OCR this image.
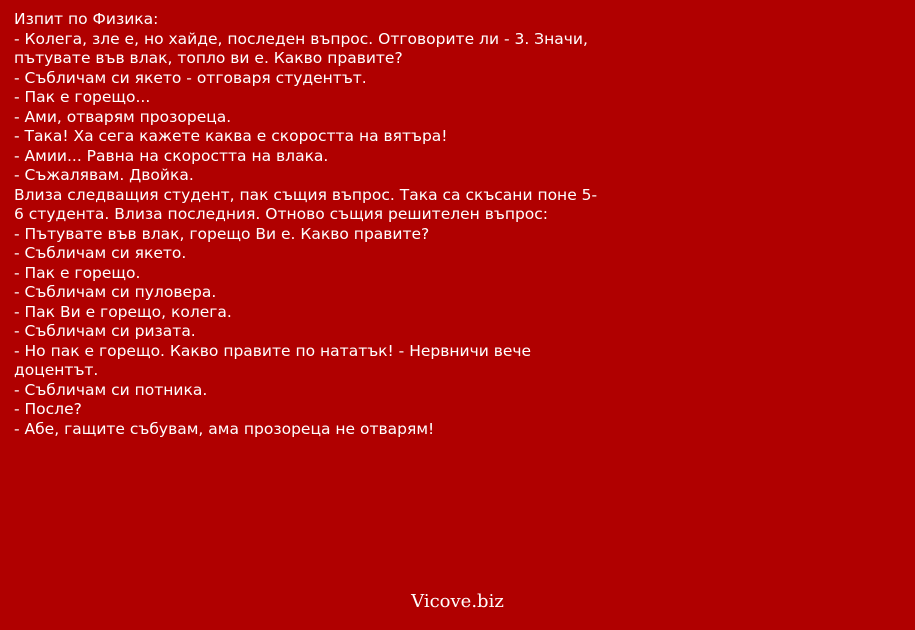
Изпит по Физика:
- Колега, зле е, но хайде, последен въпрос. Отговорите ли - 3. Значи, пътувате във влак, топло ви е. Какво правите?
- Събличам си якето - отговаря студентът.
- Пак е горещо...
- Ами, отварям прозореца.
- Така! Ха сега кажете каква е скоростта на вятъра!
- Амии... Равна на скоростта на влака.
- Съжалявам. Двойка.
Влиза следващия студент, пак същия въпрос. Така са скъсани поне 5-6 студента. Влиза последния. Отново същия решителен въпрос:
- Пътувате във влак, горещо Ви е. Какво правите?
- Събличам си якето.
- Пак е горещо.
- Събличам си пуловера.
- Пак Ви е горещо, колега.
- Събличам си ризата.
- Но пак е горещо. Какво правите по нататък! - Нервничи вече доцентът.
- Събличам си потника.
- После?
- Абе, гащите събувам, ама прозореца не отварям!
Vicove.biz
